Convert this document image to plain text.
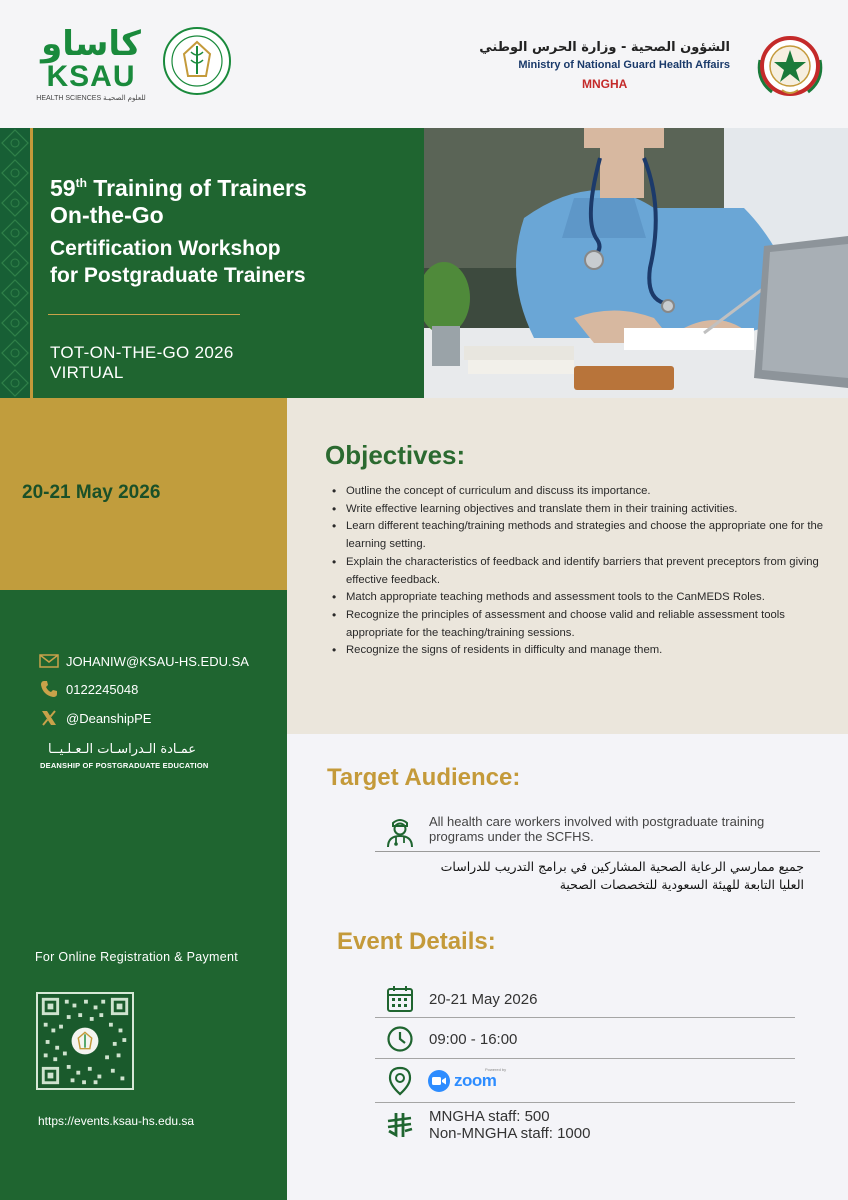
كاساو
KSAU
HEALTH SCIENCES للعلوم الصحيـة
الشؤون الصحية - وزارة الحرس الوطني
Ministry of National Guard Health Affairs
MNGHA
59th Training of Trainers
On-the-Go
Certification Workshop
for Postgraduate Trainers
TOT-ON-THE-GO 2026
VIRTUAL
20-21 May 2026
JOHANIW@KSAU-HS.EDU.SA
0122245048
@DeanshipPE
عمـادة الـدراسـات الـعـلـيــا
DEANSHIP OF POSTGRADUATE EDUCATION
For Online Registration & Payment
https://events.ksau-hs.edu.sa
Objectives:
• Outline the concept of curriculum and discuss its importance.
• Write effective learning objectives and translate them in their training activities.
• Learn different teaching/training methods and strategies and choose the appropriate one for the learning setting.
• Explain the characteristics of feedback and identify barriers that prevent preceptors from giving effective feedback.
• Match appropriate teaching methods and assessment tools to the CanMEDS Roles.
• Recognize the principles of assessment and choose valid and reliable assessment tools appropriate for the teaching/training sessions.
• Recognize the signs of residents in difficulty and manage them.
Target Audience:
All health care workers involved with postgraduate training programs under the SCFHS.
جميع ممارسي الرعاية الصحية المشاركين في برامج التدريب للدراسات العليا التابعة للهيئة السعودية للتخصصات الصحية
Event Details:
20-21 May 2026
09:00 - 16:00
zoom
Powered by
MNGHA staff: 500
Non-MNGHA staff: 1000
